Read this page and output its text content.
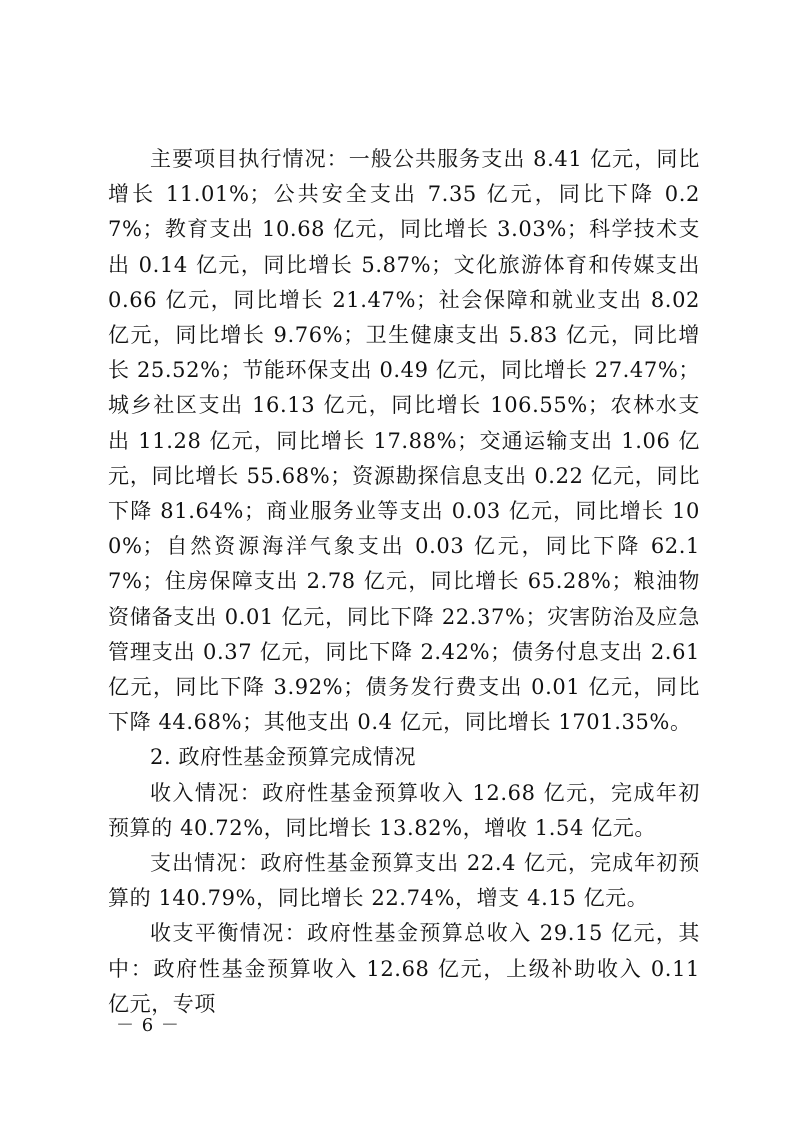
主要项目执行情况：一般公共服务支出 8.41 亿元，同比增长 11.01%；公共安全支出 7.35 亿元，同比下降 0.27%；教育支出 10.68 亿元，同比增长 3.03%；科学技术支出 0.14 亿元，同比增长 5.87%；文化旅游体育和传媒支出 0.66 亿元，同比增长 21.47%；社会保障和就业支出 8.02 亿元，同比增长 9.76%；卫生健康支出 5.83 亿元，同比增长 25.52%；节能环保支出 0.49 亿元，同比增长 27.47%；城乡社区支出 16.13 亿元，同比增长 106.55%；农林水支出 11.28 亿元，同比增长 17.88%；交通运输支出 1.06 亿元，同比增长 55.68%；资源勘探信息支出 0.22 亿元，同比下降 81.64%；商业服务业等支出 0.03 亿元，同比增长 100%；自然资源海洋气象支出 0.03 亿元，同比下降 62.17%；住房保障支出 2.78 亿元，同比增长 65.28%；粮油物资储备支出 0.01 亿元，同比下降 22.37%；灾害防治及应急管理支出 0.37 亿元，同比下降 2.42%；债务付息支出 2.61 亿元，同比下降 3.92%；债务发行费支出 0.01 亿元，同比下降 44.68%；其他支出 0.4 亿元，同比增长 1701.35%。

2. 政府性基金预算完成情况

收入情况：政府性基金预算收入 12.68 亿元，完成年初预算的 40.72%，同比增长 13.82%，增收 1.54 亿元。

支出情况：政府性基金预算支出 22.4 亿元，完成年初预算的 140.79%，同比增长 22.74%，增支 4.15 亿元。

收支平衡情况：政府性基金预算总收入 29.15 亿元，其中：政府性基金预算收入 12.68 亿元，上级补助收入 0.11 亿元，专项

－ 6 －
